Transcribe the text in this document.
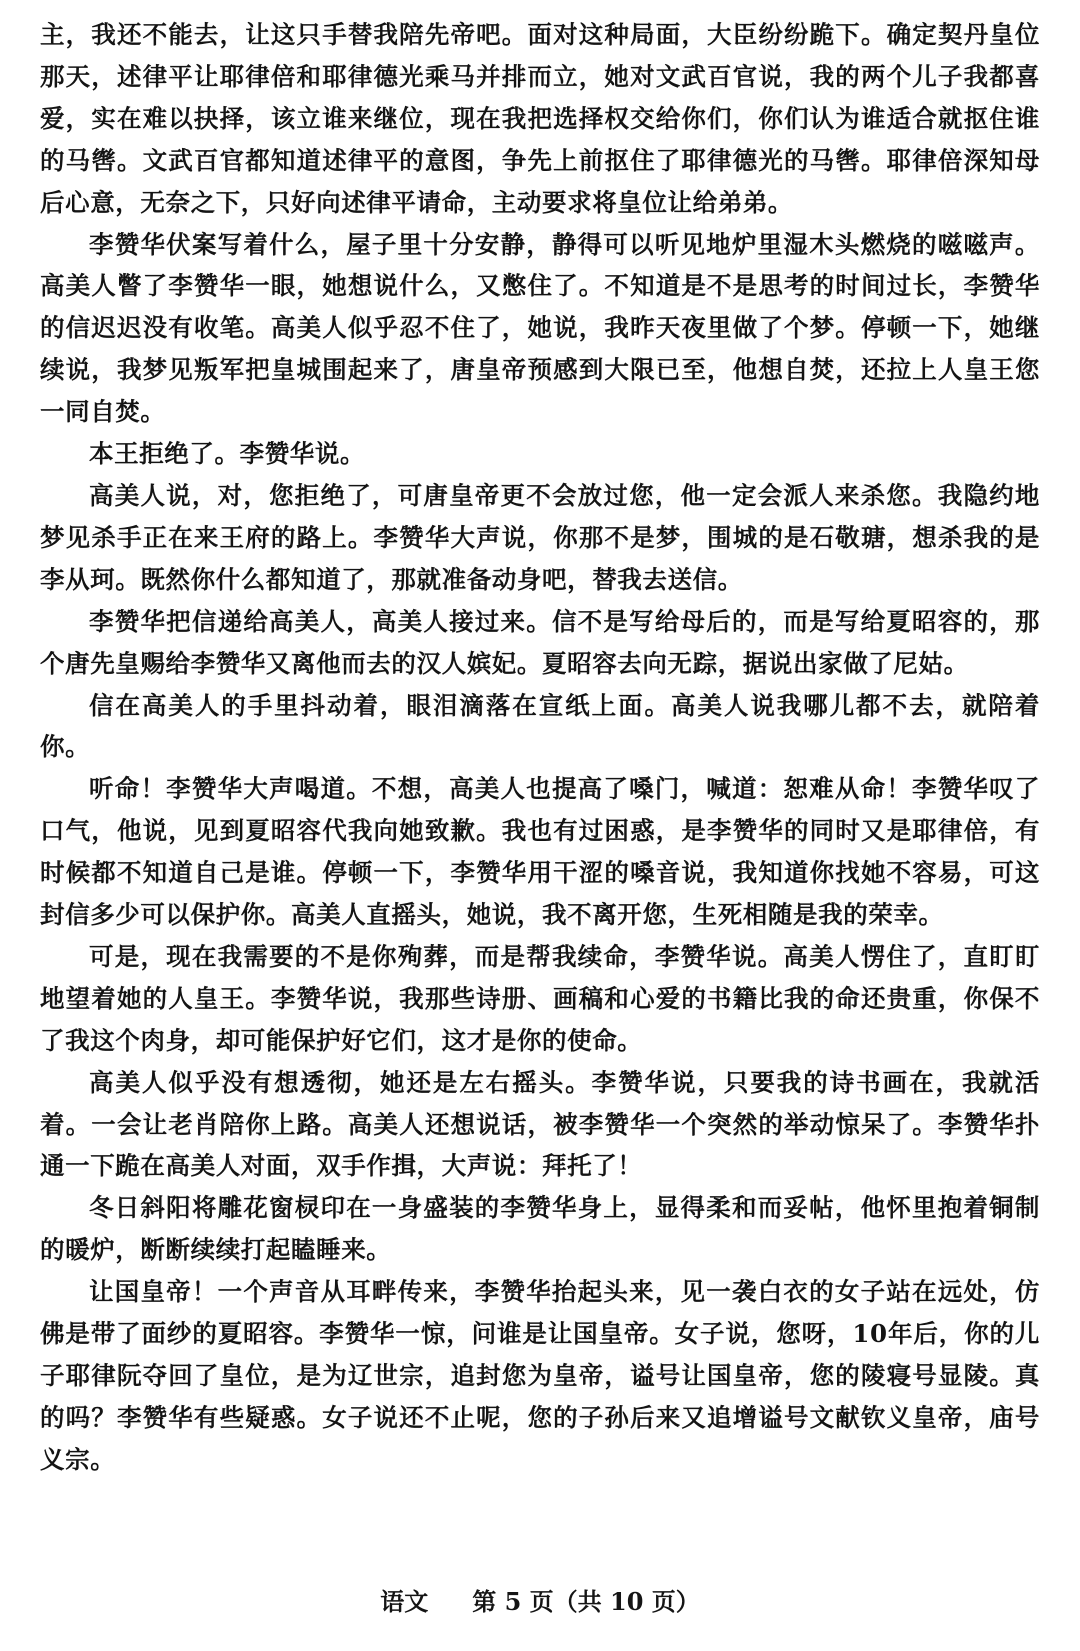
主，我还不能去，让这只手替我陪先帝吧。面对这种局面，大臣纷纷跪下。确定契丹皇位那天，述律平让耶律倍和耶律德光乘马并排而立，她对文武百官说，我的两个儿子我都喜爱，实在难以抉择，该立谁来继位，现在我把选择权交给你们，你们认为谁适合就抠住谁的马辔。文武百官都知道述律平的意图，争先上前抠住了耶律德光的马辔。耶律倍深知母后心意，无奈之下，只好向述律平请命，主动要求将皇位让给弟弟。

李赞华伏案写着什么，屋子里十分安静，静得可以听见地炉里湿木头燃烧的嗞嗞声。高美人瞥了李赞华一眼，她想说什么，又憋住了。不知道是不是思考的时间过长，李赞华的信迟迟没有收笔。高美人似乎忍不住了，她说，我昨天夜里做了个梦。停顿一下，她继续说，我梦见叛军把皇城围起来了，唐皇帝预感到大限已至，他想自焚，还拉上人皇王您一同自焚。

本王拒绝了。李赞华说。

高美人说，对，您拒绝了，可唐皇帝更不会放过您，他一定会派人来杀您。我隐约地梦见杀手正在来王府的路上。李赞华大声说，你那不是梦，围城的是石敬瑭，想杀我的是李从珂。既然你什么都知道了，那就准备动身吧，替我去送信。

李赞华把信递给高美人，高美人接过来。信不是写给母后的，而是写给夏昭容的，那个唐先皇赐给李赞华又离他而去的汉人嫔妃。夏昭容去向无踪，据说出家做了尼姑。

信在高美人的手里抖动着，眼泪滴落在宣纸上面。高美人说我哪儿都不去，就陪着你。

听命！李赞华大声喝道。不想，高美人也提高了嗓门，喊道：恕难从命！李赞华叹了口气，他说，见到夏昭容代我向她致歉。我也有过困惑，是李赞华的同时又是耶律倍，有时候都不知道自己是谁。停顿一下，李赞华用干涩的嗓音说，我知道你找她不容易，可这封信多少可以保护你。高美人直摇头，她说，我不离开您，生死相随是我的荣幸。

可是，现在我需要的不是你殉葬，而是帮我续命，李赞华说。高美人愣住了，直盯盯地望着她的人皇王。李赞华说，我那些诗册、画稿和心爱的书籍比我的命还贵重，你保不了我这个肉身，却可能保护好它们，这才是你的使命。

高美人似乎没有想透彻，她还是左右摇头。李赞华说，只要我的诗书画在，我就活着。一会让老肖陪你上路。高美人还想说话，被李赞华一个突然的举动惊呆了。李赞华扑通一下跪在高美人对面，双手作揖，大声说：拜托了！

冬日斜阳将雕花窗棂印在一身盛装的李赞华身上，显得柔和而妥帖，他怀里抱着铜制的暖炉，断断续续打起瞌睡来。

让国皇帝！一个声音从耳畔传来，李赞华抬起头来，见一袭白衣的女子站在远处，仿佛是带了面纱的夏昭容。李赞华一惊，问谁是让国皇帝。女子说，您呀，10年后，你的儿子耶律阮夺回了皇位，是为辽世宗，追封您为皇帝，谥号让国皇帝，您的陵寝号显陵。真的吗？李赞华有些疑惑。女子说还不止呢，您的子孙后来又追增谥号文献钦义皇帝，庙号义宗。

语文 第 5 页（共 10 页）
